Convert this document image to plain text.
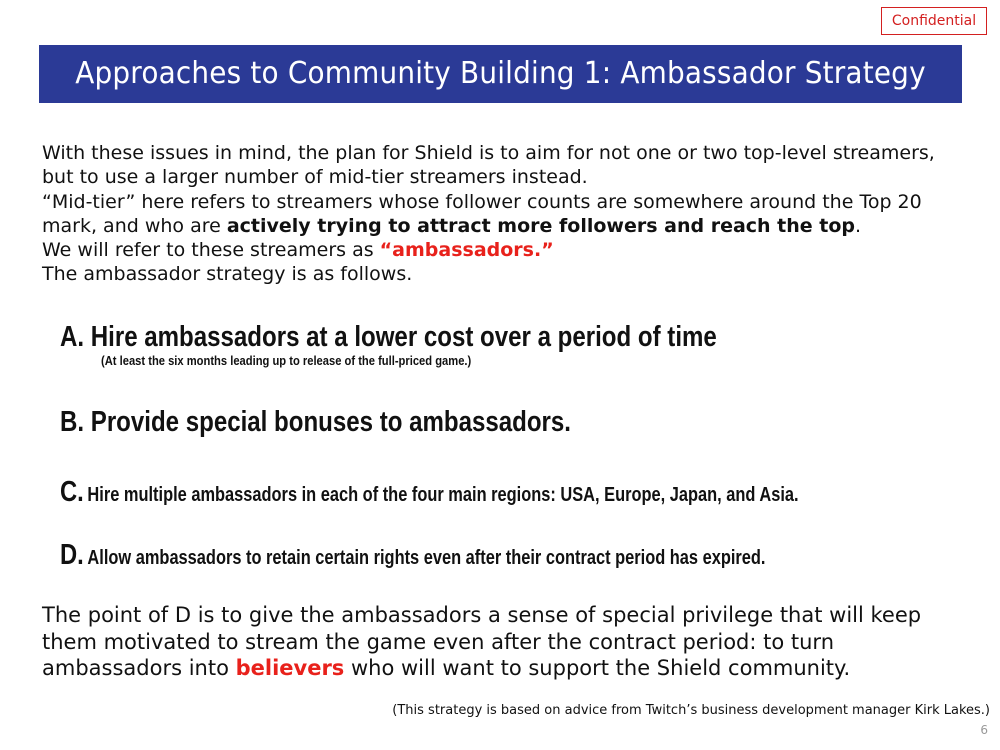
Confidential
Approaches to Community Building 1: Ambassador Strategy

With these issues in mind, the plan for Shield is to aim for not one or two top-level streamers, but to use a larger number of mid-tier streamers instead.

“Mid-tier” here refers to streamers whose follower counts are somewhere around the Top 20 mark, and who are actively trying to attract more followers and reach the top.

We will refer to these streamers as “ambassadors.”

The ambassador strategy is as follows.

A. Hire ambassadors at a lower cost over a period of time
(At least the six months leading up to release of the full-priced game.)
B. Provide special bonuses to ambassadors.
C. Hire multiple ambassadors in each of the four main regions: USA, Europe, Japan, and Asia.
D. Allow ambassadors to retain certain rights even after their contract period has expired.

The point of D is to give the ambassadors a sense of special privilege that will keep them motivated to stream the game even after the contract period: to turn ambassadors into believers who will want to support the Shield community.

(This strategy is based on advice from Twitch’s business development manager Kirk Lakes.)
6
